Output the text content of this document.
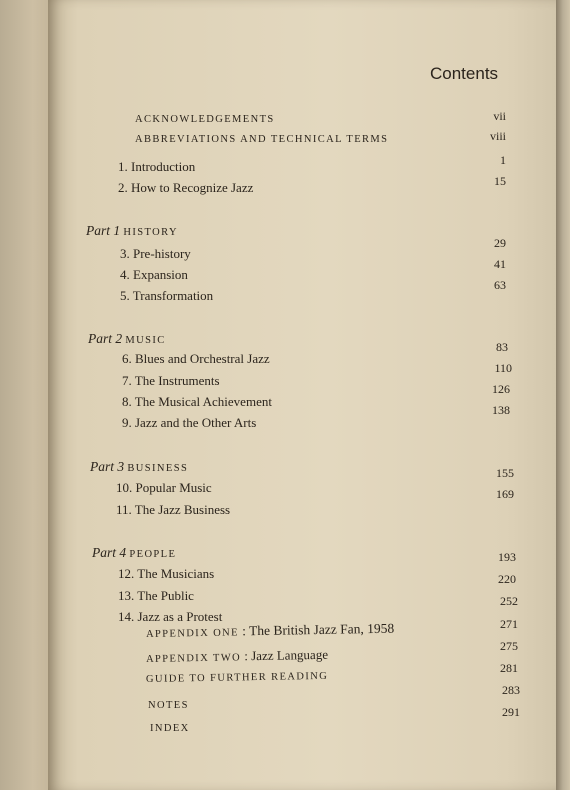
Contents
ACKNOWLEDGEMENTS
ABBREVIATIONS AND TECHNICAL TERMS
vii
viii
1. Introduction
2. How to Recognize Jazz
1
15
Part 1 HISTORY
3. Pre-history
4. Expansion
5. Transformation
29
41
63
Part 2 MUSIC
6. Blues and Orchestral Jazz
7. The Instruments
8. The Musical Achievement
9. Jazz and the Other Arts
83
110
126
138
Part 3 BUSINESS
10. Popular Music
11. The Jazz Business
155
169
Part 4 PEOPLE
12. The Musicians
13. The Public
14. Jazz as a Protest
193
220
252
APPENDIX ONE : The British Jazz Fan, 1958
APPENDIX TWO : Jazz Language
GUIDE TO FURTHER READING
NOTES
INDEX
271
275
281
283
291
